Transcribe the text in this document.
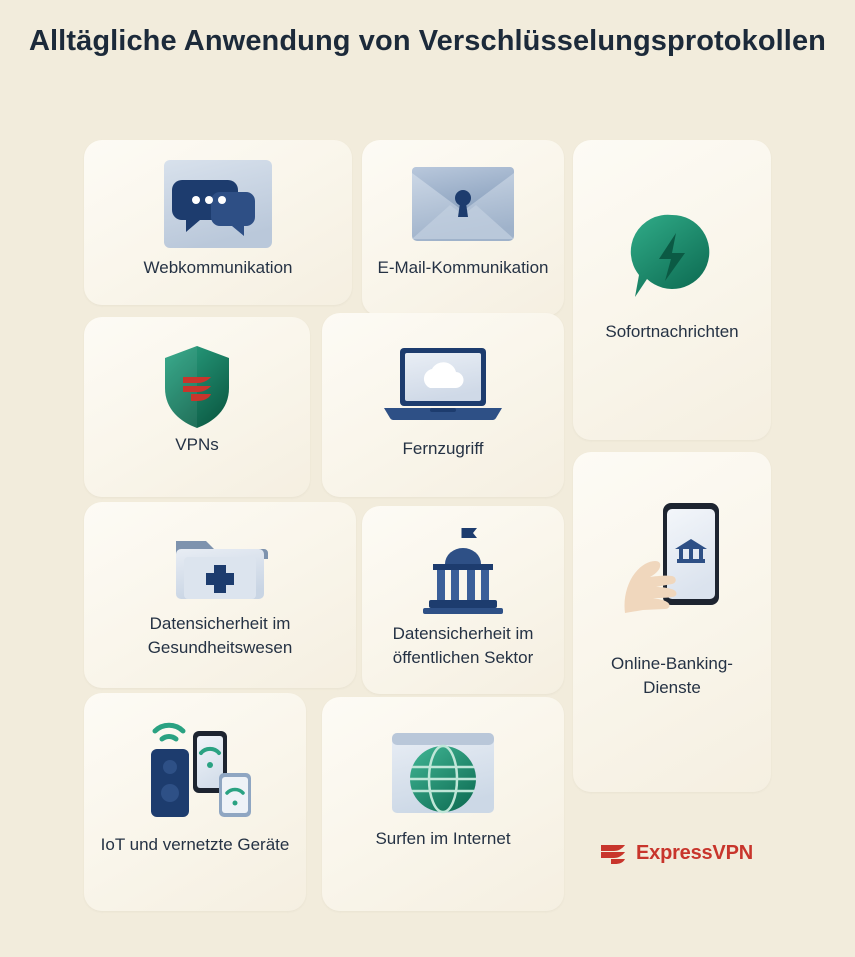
Alltägliche Anwendung von Verschlüsselungsprotokollen
Webkommunikation	E-Mail-Kommunikation
Sofortnachrichten
Fernzugriff
VPNs
Datensicherheit im Gesundheitswesen
Datensicherheit im öffentlichen Sektor	Online-Banking-Dienste
IoT und vernetzte Geräte	Surfen im Internet
ExpressVPN
